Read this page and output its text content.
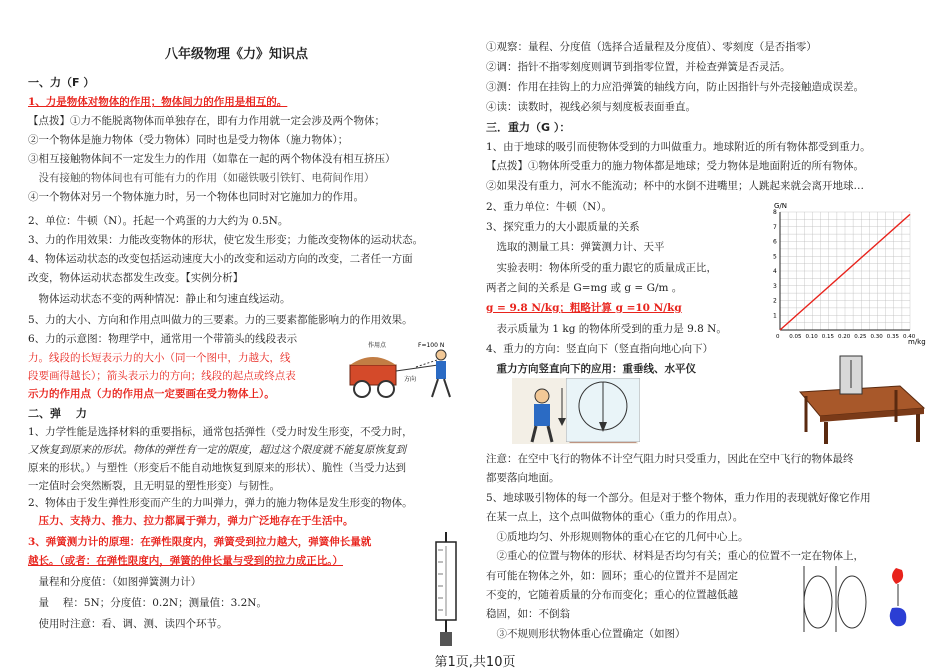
八年级物理《力》知识点
一、力（F ）
1、力是物体对物体的作用；物体间力的作用是相互的。
【点拨】①力不能脱离物体而单独存在，即有力作用就一定会涉及两个物体；
②一个物体是施力物体（受力物体）同时也是受力物体（施力物体）；
③相互接触物体间不一定发生力的作用（如靠在一起的两个物体没有相互挤压）
　没有接触的物体间也有可能有力的作用（如磁铁吸引铁钉、电荷间作用）
④一个物体对另一个物体施力时，另一个物体也同时对它施加力的作用。
2、单位：牛顿（N）。托起一个鸡蛋的力大约为 0.5N。
3、力的作用效果：力能改变物体的形状，使它发生形变；力能改变物体的运动状态。
4、物体运动状态的改变包括运动速度大小的改变和运动方向的改变，二者任一方面
改变，物体运动状态都发生改变。【实例分析】
　物体运动状态不变的两种情况：静止和匀速直线运动。
5、力的大小、方向和作用点叫做力的三要素。力的三要素都能影响力的作用效果。
6、力的示意图：物理学中，通常用一个带箭头的线段表示
力。线段的长短表示力的大小（同一个图中，力越大，线
段要画得越长）；箭头表示力的方向；线段的起点或终点表
示力的作用点（力的作用点一定要画在受力物体上）。
二、弹　 力
1、力学性能是选择材料的重要指标，通常包括弹性（受力时发生形变，不受力时，
又恢复到原来的形状。物体的弹性有一定的限度，超过这个限度就不能复原恢复到
原来的形状。）与塑性（形变后不能自动地恢复到原来的形状）、脆性（当受力达到
一定值时会突然断裂，且无明显的塑性形变）与韧性。
2、物体由于发生弹性形变而产生的力叫弹力，弹力的施力物体是发生形变的物体。
　压力、支持力、推力、拉力都属于弹力，弹力广泛地存在于生活中。
3、弹簧测力计的原理：在弹性限度内，弹簧受到拉力越大，弹簧伸长量就
越长。（或者：在弹性限度内，弹簧的伸长量与受到的拉力成正比。）
　量程和分度值：（如图弹簧测力计）
　量　 程：5N；分度值：0.2N；测量值：3.2N。
　使用时注意：看、调、测、读四个环节。
作用点	F=100 N
方向
①观察：量程、分度值（选择合适量程及分度值）、零刻度（是否指零）
②调：指针不指零刻度则调节到指零位置，并检查弹簧是否灵活。
③测：作用在挂钩上的力应沿弹簧的轴线方向，防止因指针与外壳接触造成误差。
④读：读数时，视线必须与刻度板表面垂直。
三．重力（G ）：
1、由于地球的吸引而使物体受到的力叫做重力。地球附近的所有物体都受到重力。
【点拨】①物体所受重力的施力物体都是地球；受力物体是地面附近的所有物体。
②如果没有重力，河水不能流动；杯中的水倒不进嘴里；人跳起来就会离开地球…
2、重力单位：牛顿（N）。
3、探究重力的大小跟质量的关系
　选取的测量工具：弹簧测力计、天平
　实验表明：物体所受的重力跟它的质量成正比，
两者之间的关系是 G=mg 或 g = G/m 。
g = 9.8 N/kg；粗略计算 g =10 N/kg
　表示质量为 1 kg 的物体所受到的重力是 9.8 N。
4、重力的方向：竖直向下（竖直指向地心向下）
　重力方向竖直向下的应用：重垂线、水平仪
注意：在空中飞行的物体不计空气阻力时只受重力，因此在空中飞行的物体最终
都要落向地面。
5、地球吸引物体的每一个部分。但是对于整个物体，重力作用的表现就好像它作用
在某一点上，这个点叫做物体的重心（重力的作用点）。
　①质地均匀、外形规则物体的重心在它的几何中心上。
　②重心的位置与物体的形状、材料是否均匀有关；重心的位置不一定在物体上，
有可能在物体之外，如：圆环；重心的位置并不是固定
不变的，它随着质量的分布而变化；重心的位置越低越
稳固，如：不倒翁
　③不规则形状物体重心位置确定（如图）
0 0.05 0.10 0.15 0.20 0.25 0.30 0.35 0.40
1
2
3
4
5
6
7
8
G/N
m/kg
第1页,共10页
